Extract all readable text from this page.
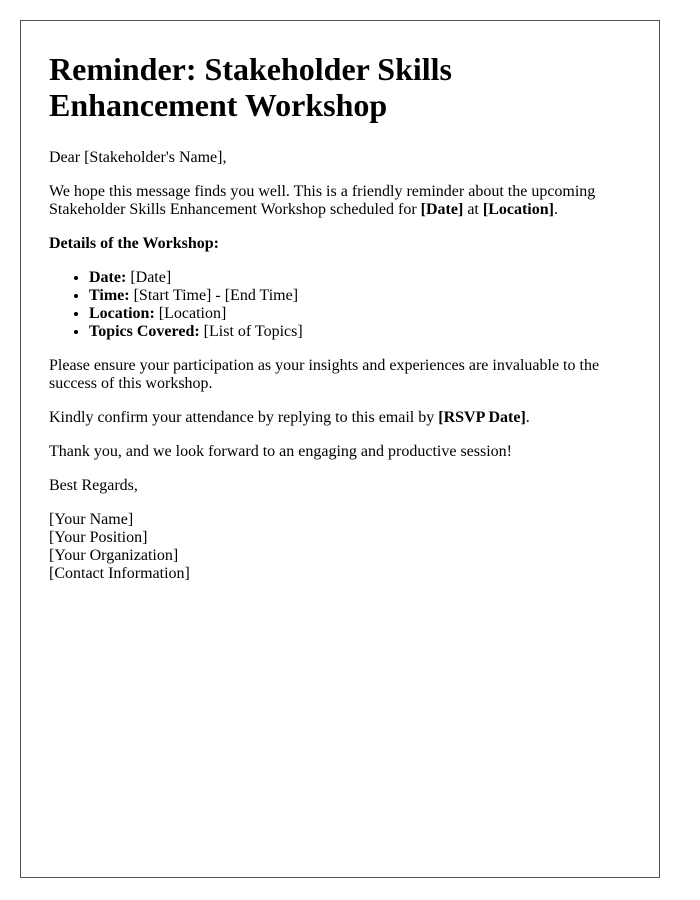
Reminder: Stakeholder Skills Enhancement Workshop

Dear [Stakeholder's Name],

We hope this message finds you well. This is a friendly reminder about the upcoming Stakeholder Skills Enhancement Workshop scheduled for [Date] at [Location].

Details of the Workshop:

• Date: [Date]
• Time: [Start Time] - [End Time]
• Location: [Location]
• Topics Covered: [List of Topics]

Please ensure your participation as your insights and experiences are invaluable to the success of this workshop.

Kindly confirm your attendance by replying to this email by [RSVP Date].

Thank you, and we look forward to an engaging and productive session!

Best Regards,

[Your Name]
[Your Position]
[Your Organization]
[Contact Information]
